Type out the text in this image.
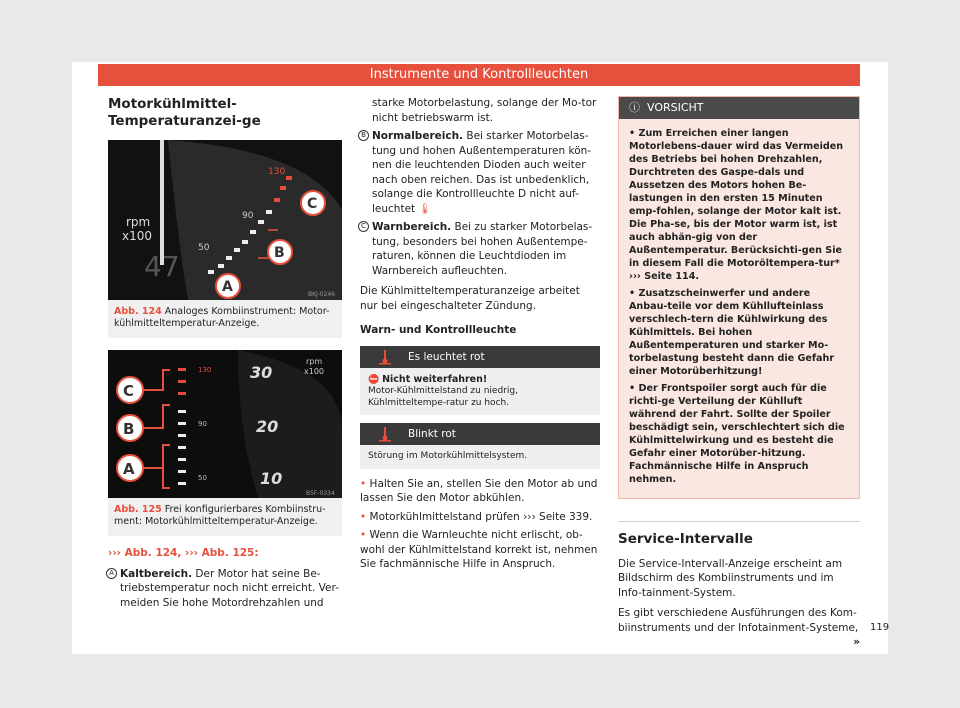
Instrumente und Kontrollleuchten
Motorkühlmittel-Temperaturanzei-ge
rpm
x100
47
130
90
50
C
B
A	BKJ-0246
Abb. 124 Analoges Kombiinstrument: Motor-kühlmitteltemperatur-Anzeige.
rpm
x100
30
20
10
130
90
50
C
B
A
B5F-0334
Abb. 125 Frei konfigurierbares Kombiinstru-ment: Motorkühlmitteltemperatur-Anzeige.

››› Abb. 124, ››› Abb. 125:

A Kaltbereich. Der Motor hat seine Be-triebstemperatur noch nicht erreicht. Ver-meiden Sie hohe Motordrehzahlen und
starke Motorbelastung, solange der Mo-tor nicht betriebswarm ist.
B Normalbereich. Bei starker Motorbelas-tung und hohen Außentemperaturen kön-nen die leuchtenden Dioden auch weiter nach oben reichen. Das ist unbedenklich, solange die Kontrollleuchte D nicht auf-leuchtet 🌡
C Warnbereich. Bei zu starker Motorbelas-tung, besonders bei hohen Außentempe-raturen, können die Leuchtdioden im Warnbereich aufleuchten.

Die Kühlmitteltemperaturanzeige arbeitet nur bei eingeschalteter Zündung.

Warn- und Kontrollleuchte

Es leuchtet rot
⛔ Nicht weiterfahren!
Motor-Kühlmittelstand zu niedrig, Kühlmitteltempe-ratur zu hoch.
Blinkt rot
Störung im Motorkühlmittelsystem.

• Halten Sie an, stellen Sie den Motor ab und lassen Sie den Motor abkühlen.

• Motorkühlmittelstand prüfen ››› Seite 339.

• Wenn die Warnleuchte nicht erlischt, ob-wohl der Kühlmittelstand korrekt ist, nehmen Sie fachmännische Hilfe in Anspruch.

ⓘ VORSICHT

• Zum Erreichen einer langen Motorlebens-dauer wird das Vermeiden des Betriebs bei hohen Drehzahlen, Durchtreten des Gaspe-dals und Aussetzen des Motors hohen Be-lastungen in den ersten 15 Minuten emp-fohlen, solange der Motor kalt ist. Die Pha-se, bis der Motor warm ist, ist auch abhän-gig von der Außentemperatur. Berücksichti-gen Sie in diesem Fall die Motoröltempera-tur* ››› Seite 114.

• Zusatzscheinwerfer und andere Anbau-teile vor dem Kühllufteinlass verschlech-tern die Kühlwirkung des Kühlmittels. Bei hohen Außentemperaturen und starker Mo-torbelastung besteht dann die Gefahr einer Motorüberhitzung!

• Der Frontspoiler sorgt auch für die richti-ge Verteilung der Kühlluft während der Fahrt. Sollte der Spoiler beschädigt sein, verschlechtert sich die Kühlmittelwirkung und es besteht die Gefahr einer Motorüber-hitzung. Fachmännische Hilfe in Anspruch nehmen.

Service-Intervalle

Die Service-Intervall-Anzeige erscheint am Bildschirm des Kombiinstruments und im Info-tainment-System.

Es gibt verschiedene Ausführungen des Kom-biinstruments und der Infotainment-Systeme,
»

119
